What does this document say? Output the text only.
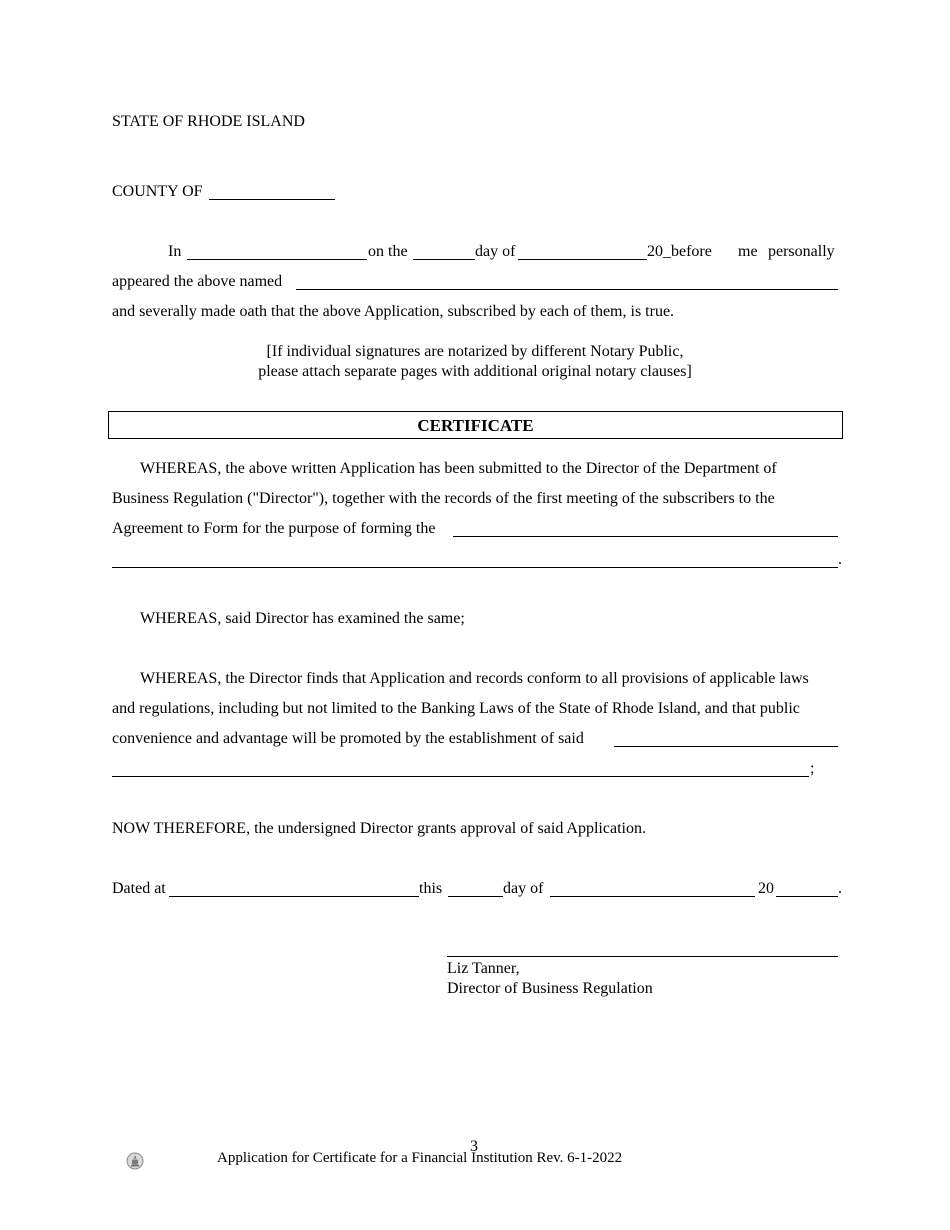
STATE OF RHODE ISLAND
COUNTY OF
In	on the	day of	20_before me personally
appeared the above named
and severally made oath that the above Application, subscribed by each of them, is true.
[If individual signatures are notarized by different Notary Public,
please attach separate pages with additional original notary clauses]
CERTIFICATE
WHEREAS, the above written Application has been submitted to the Director of the Department of
Business Regulation ("Director"), together with the records of the first meeting of the subscribers to the
Agreement to Form for the purpose of forming the
.
WHEREAS, said Director has examined the same;
WHEREAS, the Director finds that Application and records conform to all provisions of applicable laws
and regulations, including but not limited to the Banking Laws of the State of Rhode Island, and that public
convenience and advantage will be promoted by the establishment of said
;
NOW THEREFORE, the undersigned Director grants approval of said Application.
Dated at	this	day of	20	.
Liz Tanner,
Director of Business Regulation
3
Application for Certificate for a Financial Institution Rev. 6-1-2022
